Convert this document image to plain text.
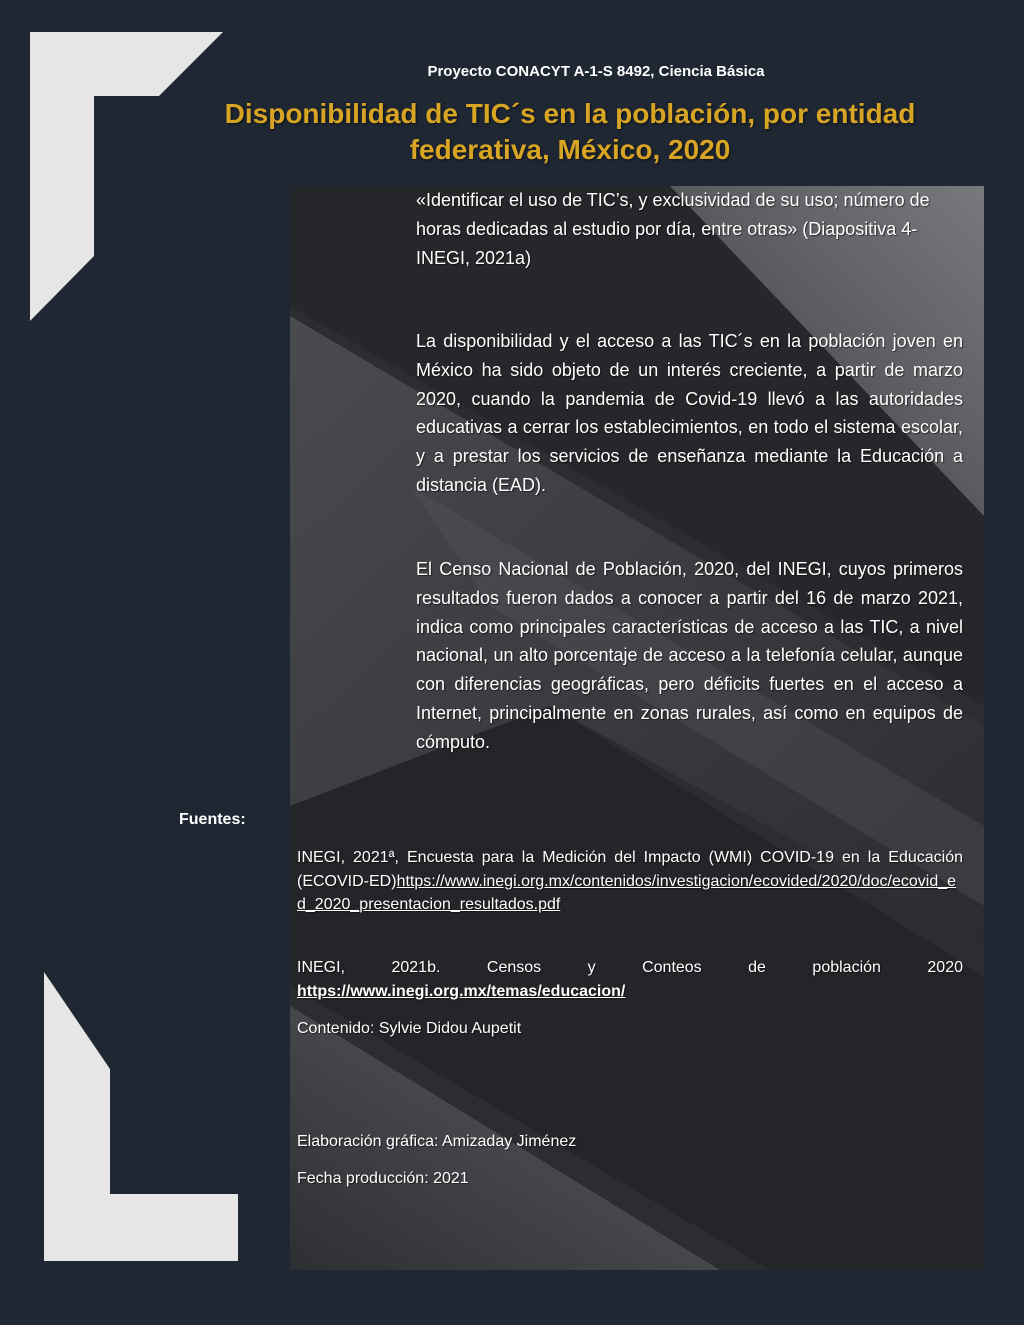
Proyecto CONACYT A-1-S 8492, Ciencia Básica
Disponibilidad de TIC´s en la población, por entidad federativa, México, 2020
«Identificar el uso de TIC’s, y exclusividad de su uso; número de horas dedicadas al estudio por día, entre otras» (Diapositiva 4-INEGI, 2021a)
La disponibilidad y el acceso a las TIC´s en la población joven en México ha sido objeto de un interés creciente, a partir de marzo 2020, cuando la pandemia de Covid-19 llevó a las autoridades educativas a cerrar los establecimientos, en todo el sistema escolar, y a prestar los servicios de enseñanza mediante la Educación a distancia (EAD).
El Censo Nacional de Población, 2020, del INEGI, cuyos primeros resultados fueron dados a conocer a partir del 16 de marzo 2021, indica como principales características de acceso a las TIC, a nivel nacional, un alto porcentaje de acceso a la telefonía celular, aunque con diferencias geográficas, pero déficits fuertes en el acceso a Internet, principalmente en zonas rurales, así como en equipos de cómputo.
Fuentes:
INEGI, 2021ª, Encuesta para la Medición del Impacto (WMI) COVID-19 en la Educación (ECOVID-ED)https://www.inegi.org.mx/contenidos/investigacion/ecovided/2020/doc/ecovid_ed_2020_presentacion_resultados.pdf
INEGI, 2021b. Censos y Conteos de población 2020
https://www.inegi.org.mx/temas/educacion/
Contenido: Sylvie Didou Aupetit
Elaboración gráfica: Amizaday Jiménez
Fecha producción: 2021
